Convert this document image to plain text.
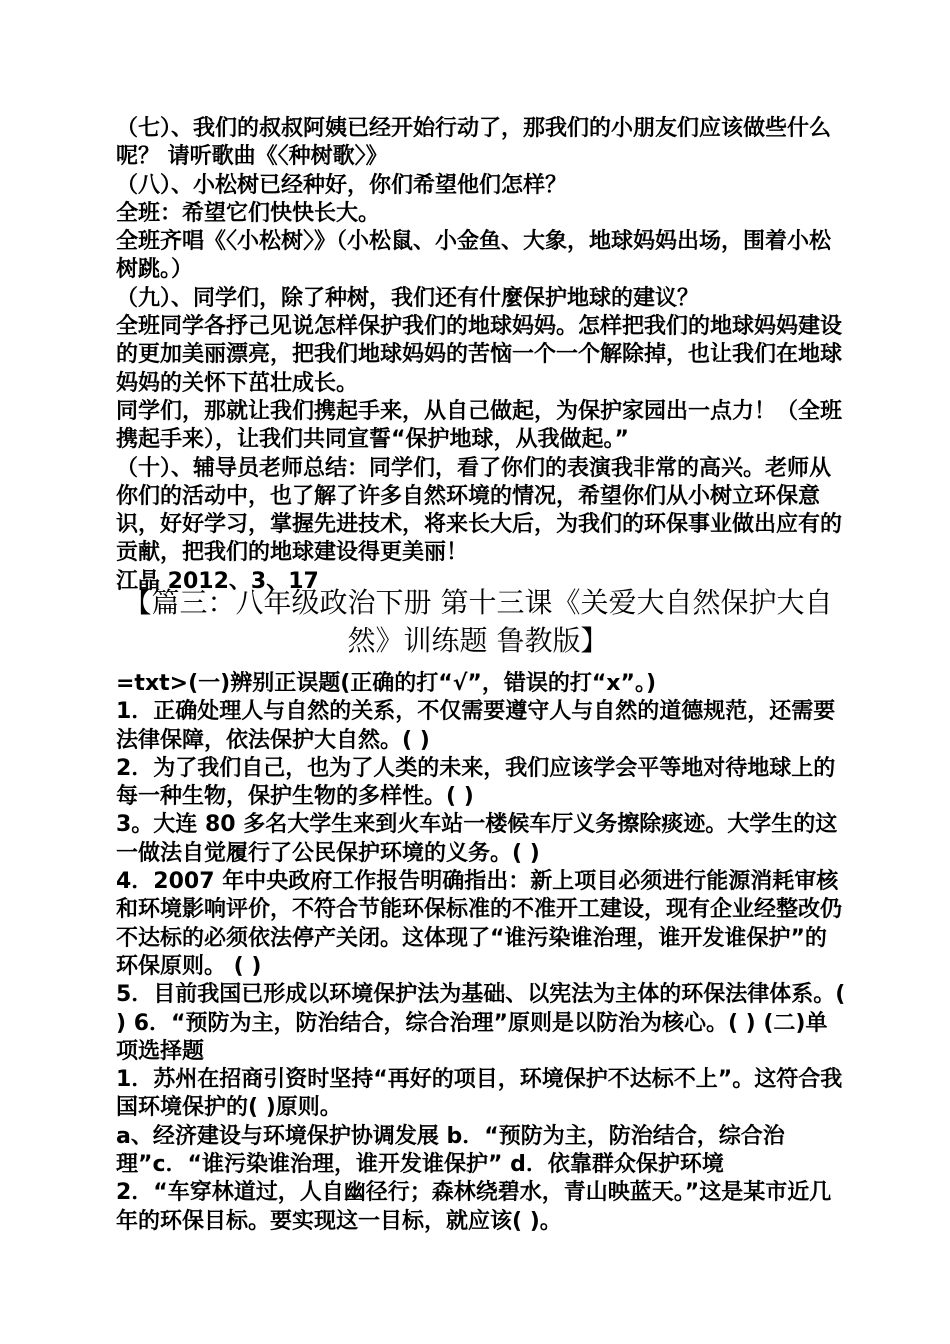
（七）、我们的叔叔阿姨已经开始行动了，那我们的小朋友们应该做些什么呢？ 请听歌曲《〈种树歌〉》

（八）、小松树已经种好，你们希望他们怎样？

全班：希望它们快快长大。

全班齐唱《〈小松树〉》（小松鼠、小金鱼、大象，地球妈妈出场，围着小松树跳。）

（九）、同学们，除了种树，我们还有什麼保护地球的建议？

全班同学各抒己见说怎样保护我们的地球妈妈。怎样把我们的地球妈妈建设的更加美丽漂亮，把我们地球妈妈的苦恼一个一个解除掉，也让我们在地球妈妈的关怀下茁壮成长。

同学们，那就让我们携起手来，从自己做起，为保护家园出一点力！（全班携起手来），让我们共同宣誓“保护地球，从我做起。”

（十）、辅导员老师总结：同学们，看了你们的表演我非常的高兴。老师从你们的活动中，也了解了许多自然环境的情况，希望你们从小树立环保意识，好好学习，掌握先进技术，将来长大后，为我们的环保事业做出应有的贡献，把我们的地球建设得更美丽！

江晶 2012、3、17

【篇三：八年级政治下册 第十三课《关爱大自然保护大自然》训练题 鲁教版】

=txt>(一)辨别正误题(正确的打“√”，错误的打“x”。)

1．正确处理人与自然的关系，不仅需要遵守人与自然的道德规范，还需要法律保障，依法保护大自然。( )

2．为了我们自己，也为了人类的未来，我们应该学会平等地对待地球上的每一种生物，保护生物的多样性。( )

3。大连 80 多名大学生来到火车站一楼候车厅义务擦除痰迹。大学生的这一做法自觉履行了公民保护环境的义务。( )

4．2007 年中央政府工作报告明确指出：新上项目必须进行能源消耗审核和环境影响评价，不符合节能环保标准的不准开工建设，现有企业经整改仍不达标的必须依法停产关闭。这体现了“谁污染谁治理，谁开发谁保护”的环保原则。 ( )

5．目前我国已形成以环境保护法为基础、以宪法为主体的环保法律体系。( ) 6．“预防为主，防治结合，综合治理”原则是以防治为核心。( ) (二)单项选择题

1．苏州在招商引资时坚持“再好的项目，环境保护不达标不上”。这符合我国环境保护的( )原则。

a、经济建设与环境保护协调发展 b．“预防为主，防治结合，综合治理”c．“谁污染谁治理，谁开发谁保护” d．依靠群众保护环境

2．“车穿林道过，人自幽径行；森林绕碧水，青山映蓝天。”这是某市近几年的环保目标。要实现这一目标，就应该( )。
